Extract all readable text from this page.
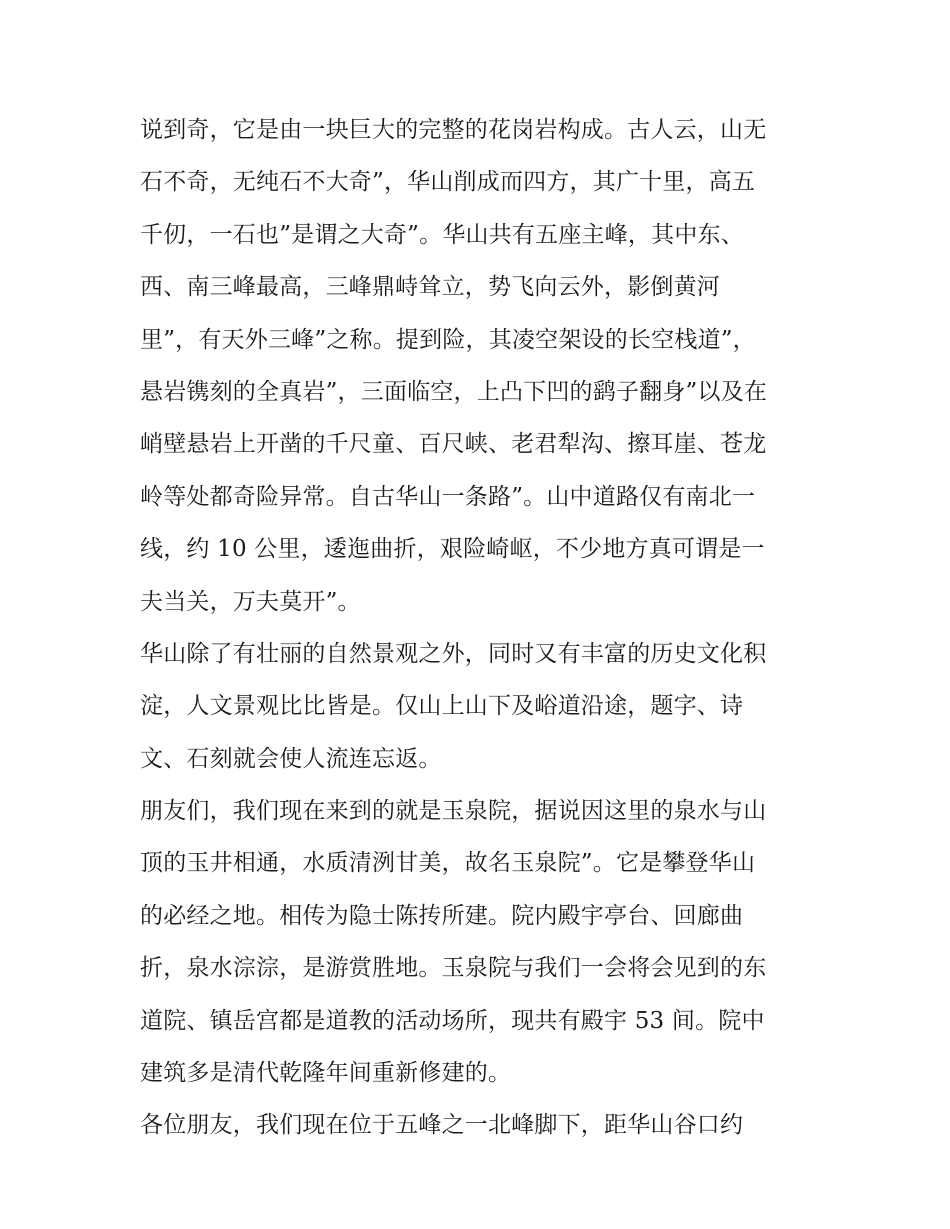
说到奇，它是由一块巨大的完整的花岗岩构成。古人云，山无
石不奇，无纯石不大奇”，华山削成而四方，其广十里，高五
千仞，一石也”是谓之大奇”。华山共有五座主峰，其中东、
西、南三峰最高，三峰鼎峙耸立，势飞向云外，影倒黄河
里”，有天外三峰”之称。提到险，其凌空架设的长空栈道”，
悬岩镌刻的全真岩”，三面临空，上凸下凹的鹞子翻身”以及在
峭壁悬岩上开凿的千尺童、百尺峡、老君犁沟、擦耳崖、苍龙
岭等处都奇险异常。自古华山一条路”。山中道路仅有南北一
线，约 10 公里，逶迤曲折，艰险崎岖，不少地方真可谓是一
夫当关，万夫莫开”。
华山除了有壮丽的自然景观之外，同时又有丰富的历史文化积
淀，人文景观比比皆是。仅山上山下及峪道沿途，题字、诗
文、石刻就会使人流连忘返。
朋友们，我们现在来到的就是玉泉院，据说因这里的泉水与山
顶的玉井相通，水质清洌甘美，故名玉泉院”。它是攀登华山
的必经之地。相传为隐士陈抟所建。院内殿宇亭台、回廊曲
折，泉水淙淙，是游赏胜地。玉泉院与我们一会将会见到的东
道院、镇岳宫都是道教的活动场所，现共有殿宇 53 间。院中
建筑多是清代乾隆年间重新修建的。
各位朋友，我们现在位于五峰之一北峰脚下，距华山谷口约
